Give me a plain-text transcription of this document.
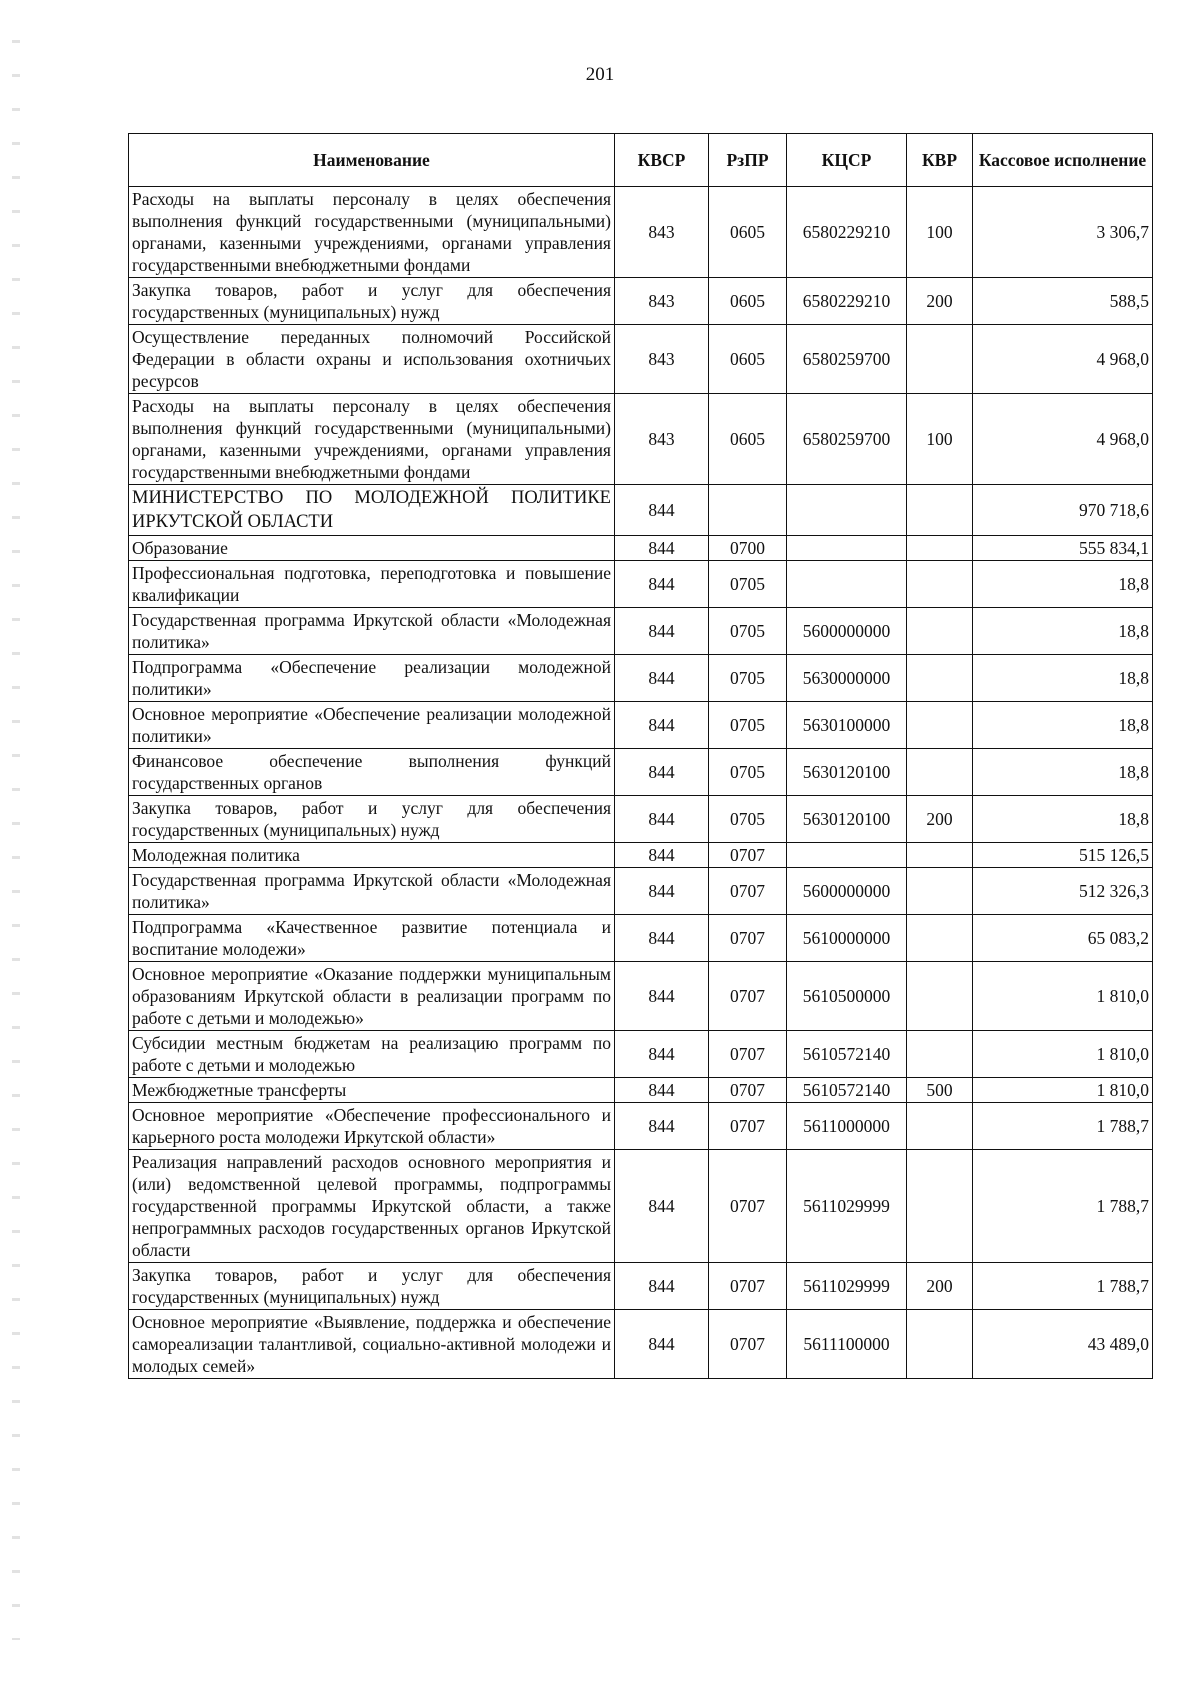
201
Наименование	КВСР	РзПР	КЦСР	КВР	Кассовое исполнение
Расходы на выплаты персоналу в целях обеспечения выполнения функций государственными (муниципальными) органами, казенными учреждениями, органами управления государственными внебюджетными фондами	843	0605	6580229210	100	3 306,7
Закупка товаров, работ и услуг для обеспечения государственных (муниципальных) нужд	843	0605	6580229210	200	588,5
Осуществление переданных полномочий Российской Федерации в области охраны и использования охотничьих ресурсов	843	0605	6580259700		4 968,0
Расходы на выплаты персоналу в целях обеспечения выполнения функций государственными (муниципальными) органами, казенными учреждениями, органами управления государственными внебюджетными фондами	843	0605	6580259700	100	4 968,0
МИНИСТЕРСТВО ПО МОЛОДЕЖНОЙ ПОЛИТИКЕ ИРКУТСКОЙ ОБЛАСТИ	844				970 718,6
Образование	844	0700			555 834,1
Профессиональная подготовка, переподготовка и повышение квалификации	844	0705			18,8
Государственная программа Иркутской области «Молодежная политика»	844	0705	5600000000		18,8
Подпрограмма «Обеспечение реализации молодежной политики»	844	0705	5630000000		18,8
Основное мероприятие «Обеспечение реализации молодежной политики»	844	0705	5630100000		18,8
Финансовое обеспечение выполнения функций государственных органов	844	0705	5630120100		18,8
Закупка товаров, работ и услуг для обеспечения государственных (муниципальных) нужд	844	0705	5630120100	200	18,8
Молодежная политика	844	0707			515 126,5
Государственная программа Иркутской области «Молодежная политика»	844	0707	5600000000		512 326,3
Подпрограмма «Качественное развитие потенциала и воспитание молодежи»	844	0707	5610000000		65 083,2
Основное мероприятие «Оказание поддержки муниципальным образованиям Иркутской области в реализации программ по работе с детьми и молодежью»	844	0707	5610500000		1 810,0
Субсидии местным бюджетам на реализацию программ по работе с детьми и молодежью	844	0707	5610572140		1 810,0
Межбюджетные трансферты	844	0707	5610572140	500	1 810,0
Основное мероприятие «Обеспечение профессионального и карьерного роста молодежи Иркутской области»	844	0707	5611000000		1 788,7
Реализация направлений расходов основного мероприятия и (или) ведомственной целевой программы, подпрограммы государственной программы Иркутской области, а также непрограммных расходов государственных органов Иркутской области	844	0707	5611029999		1 788,7
Закупка товаров, работ и услуг для обеспечения государственных (муниципальных) нужд	844	0707	5611029999	200	1 788,7
Основное мероприятие «Выявление, поддержка и обеспечение самореализации талантливой, социально-активной молодежи и молодых семей»	844	0707	5611100000		43 489,0
